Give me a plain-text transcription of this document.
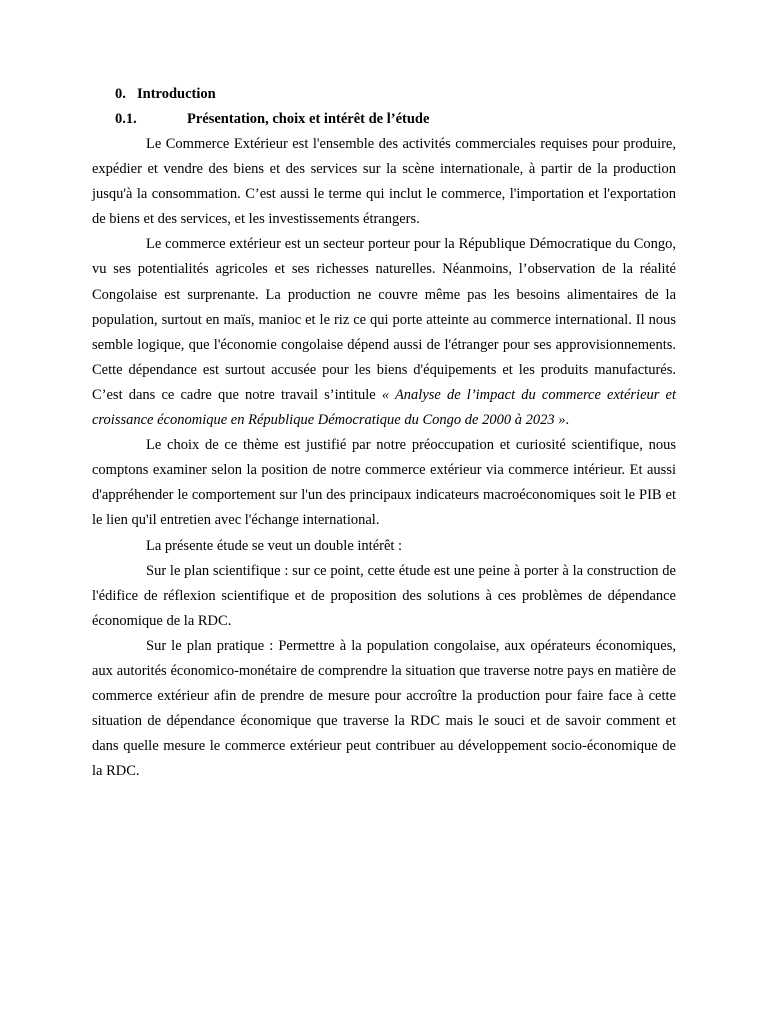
0. Introduction
0.1.	Présentation, choix et intérêt de l’étude

Le Commerce Extérieur est l'ensemble des activités commerciales requises pour produire, expédier et vendre des biens et des services sur la scène internationale, à partir de la production jusqu'à la consommation. C’est aussi le terme qui inclut le commerce, l'importation et l'exportation de biens et des services, et les investissements étrangers.

Le commerce extérieur est un secteur porteur pour la République Démocratique du Congo, vu ses potentialités agricoles et ses richesses naturelles. Néanmoins, l’observation de la réalité Congolaise est surprenante. La production ne couvre même pas les besoins alimentaires de la population, surtout en maïs, manioc et le riz ce qui porte atteinte au commerce international. Il nous semble logique, que l'économie congolaise dépend aussi de l'étranger pour ses approvisionnements. Cette dépendance est surtout accusée pour les biens d'équipements et les produits manufacturés. C’est dans ce cadre que notre travail s’intitule « Analyse de l’impact du commerce extérieur et croissance économique en République Démocratique du Congo de 2000 à 2023 ».

Le choix de ce thème est justifié par notre préoccupation et curiosité scientifique, nous comptons examiner selon la position de notre commerce extérieur via commerce intérieur. Et aussi d'appréhender le comportement sur l'un des principaux indicateurs macroéconomiques soit le PIB et le lien qu'il entretien avec l'échange international.

La présente étude se veut un double intérêt :

Sur le plan scientifique : sur ce point, cette étude est une peine à porter à la construction de l'édifice de réflexion scientifique et de proposition des solutions à ces problèmes de dépendance économique de la RDC.

Sur le plan pratique : Permettre à la population congolaise, aux opérateurs économiques, aux autorités économico-monétaire de comprendre la situation que traverse notre pays en matière de commerce extérieur afin de prendre de mesure pour accroître la production pour faire face à cette situation de dépendance économique que traverse la RDC mais le souci et de savoir comment et dans quelle mesure le commerce extérieur peut contribuer au développement socio-économique de la RDC.
